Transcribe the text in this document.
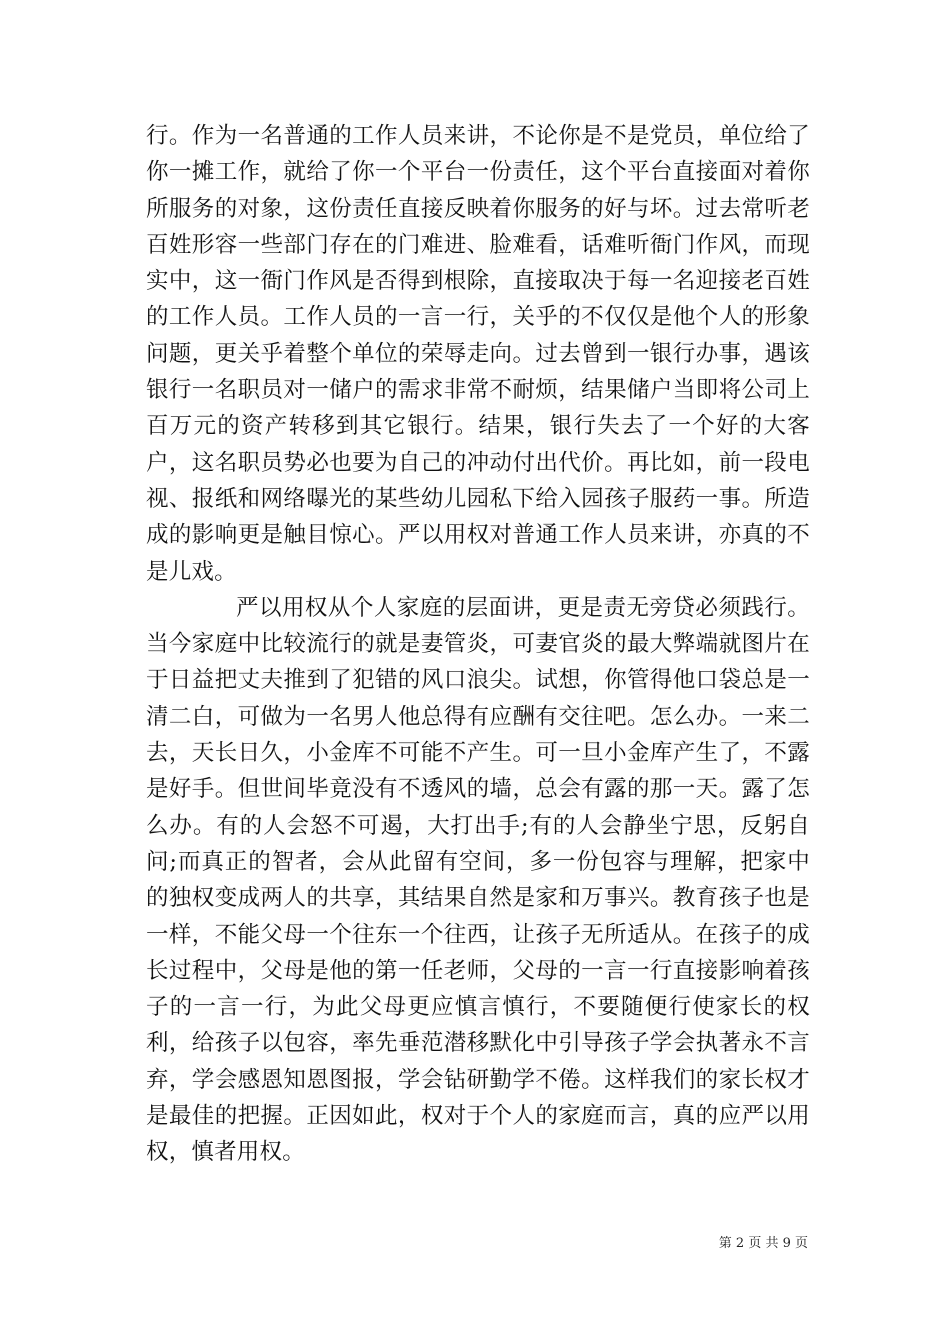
行。作为一名普通的工作人员来讲，不论你是不是党员，单位给了你一摊工作，就给了你一个平台一份责任，这个平台直接面对着你所服务的对象，这份责任直接反映着你服务的好与坏。过去常听老百姓形容一些部门存在的门难进、脸难看，话难听衙门作风，而现实中，这一衙门作风是否得到根除，直接取决于每一名迎接老百姓的工作人员。工作人员的一言一行，关乎的不仅仅是他个人的形象问题，更关乎着整个单位的荣辱走向。过去曾到一银行办事，遇该银行一名职员对一储户的需求非常不耐烦，结果储户当即将公司上百万元的资产转移到其它银行。结果，银行失去了一个好的大客户，这名职员势必也要为自己的冲动付出代价。再比如，前一段电视、报纸和网络曝光的某些幼儿园私下给入园孩子服药一事。所造成的影响更是触目惊心。严以用权对普通工作人员来讲，亦真的不是儿戏。

严以用权从个人家庭的层面讲，更是责无旁贷必须践行。当今家庭中比较流行的就是妻管炎，可妻官炎的最大弊端就图片在于日益把丈夫推到了犯错的风口浪尖。试想，你管得他口袋总是一清二白，可做为一名男人他总得有应酬有交往吧。怎么办。一来二去，天长日久，小金库不可能不产生。可一旦小金库产生了，不露是好手。但世间毕竟没有不透风的墙，总会有露的那一天。露了怎么办。有的人会怒不可遏，大打出手;有的人会静坐宁思，反躬自问;而真正的智者，会从此留有空间，多一份包容与理解，把家中的独权变成两人的共享，其结果自然是家和万事兴。教育孩子也是一样，不能父母一个往东一个往西，让孩子无所适从。在孩子的成长过程中，父母是他的第一任老师，父母的一言一行直接影响着孩子的一言一行，为此父母更应慎言慎行，不要随便行使家长的权利，给孩子以包容，率先垂范潜移默化中引导孩子学会执著永不言弃，学会感恩知恩图报，学会钻研勤学不倦。这样我们的家长权才是最佳的把握。正因如此，权对于个人的家庭而言，真的应严以用权，慎者用权。

第 2 页 共 9 页
